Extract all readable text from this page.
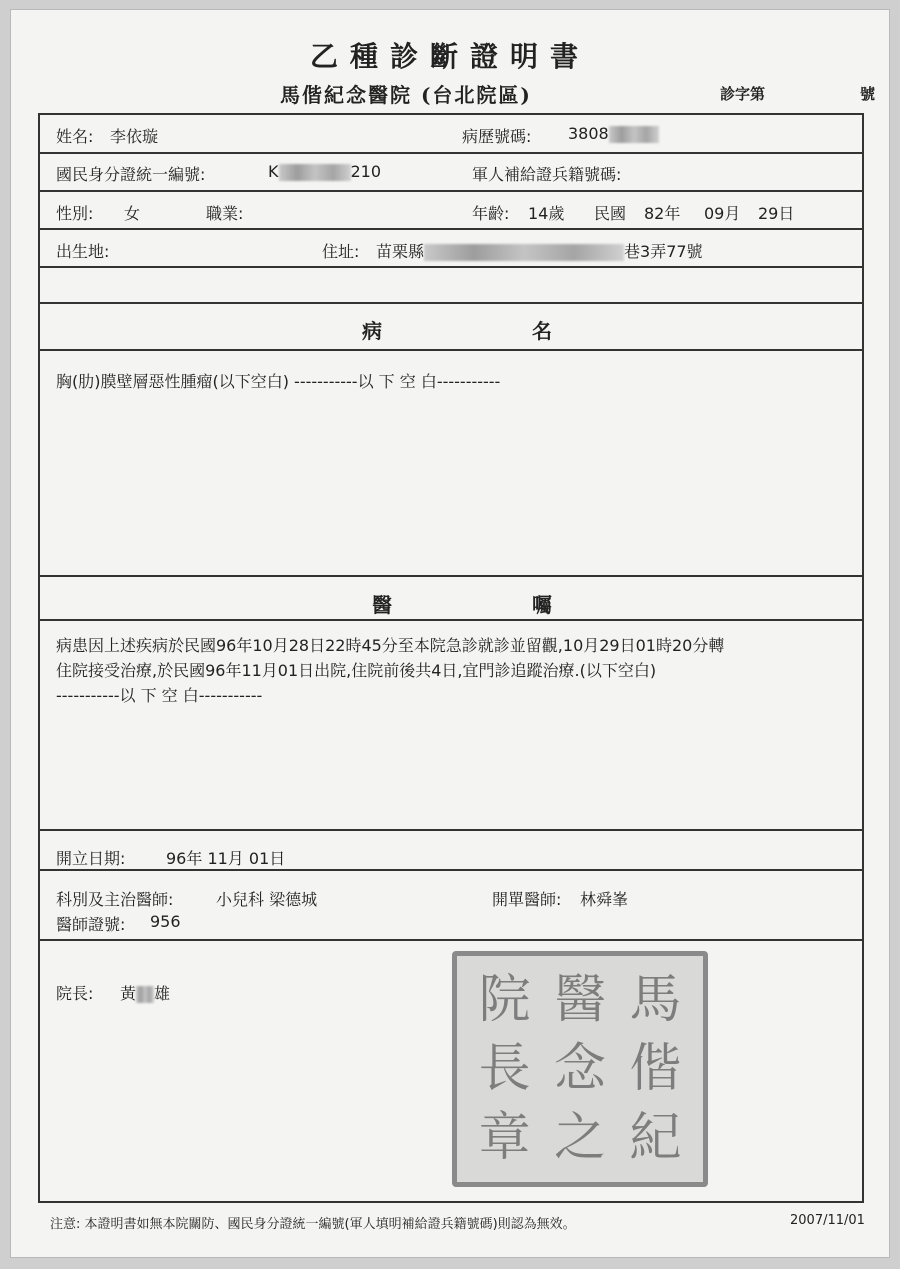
乙種診斷證明書
馬偕紀念醫院 (台北院區)	診字第	號
姓名: 李依璇	病歷號碼: 3808
國民身分證統一編號:	K	210	軍人補給證兵籍號碼:
性別: 女	職業:	年齡: 14歲 民國 82年 09月 29日
出生地:	住址: 苗栗縣	巷3弄77號
病	名
胸(肋)膜壁層惡性腫瘤(以下空白) -----------以 下 空 白-----------
醫	囑
病患因上述疾病於民國96年10月28日22時45分至本院急診就診並留觀,10月29日01時20分轉
住院接受治療,於民國96年11月01日出院,住院前後共4日,宜門診追蹤治療.(以下空白)
-----------以 下 空 白-----------
開立日期:	96年 11月 01日
科別及主治醫師:	小兒科 梁德城	開單醫師: 林舜峯
醫師證號: 956
院長: 黃 雄	院 醫 馬
長 念 偕
章 之 紀
注意: 本證明書如無本院關防、國民身分證統一編號(軍人填明補給證兵籍號碼)則認為無效。	2007/11/01
